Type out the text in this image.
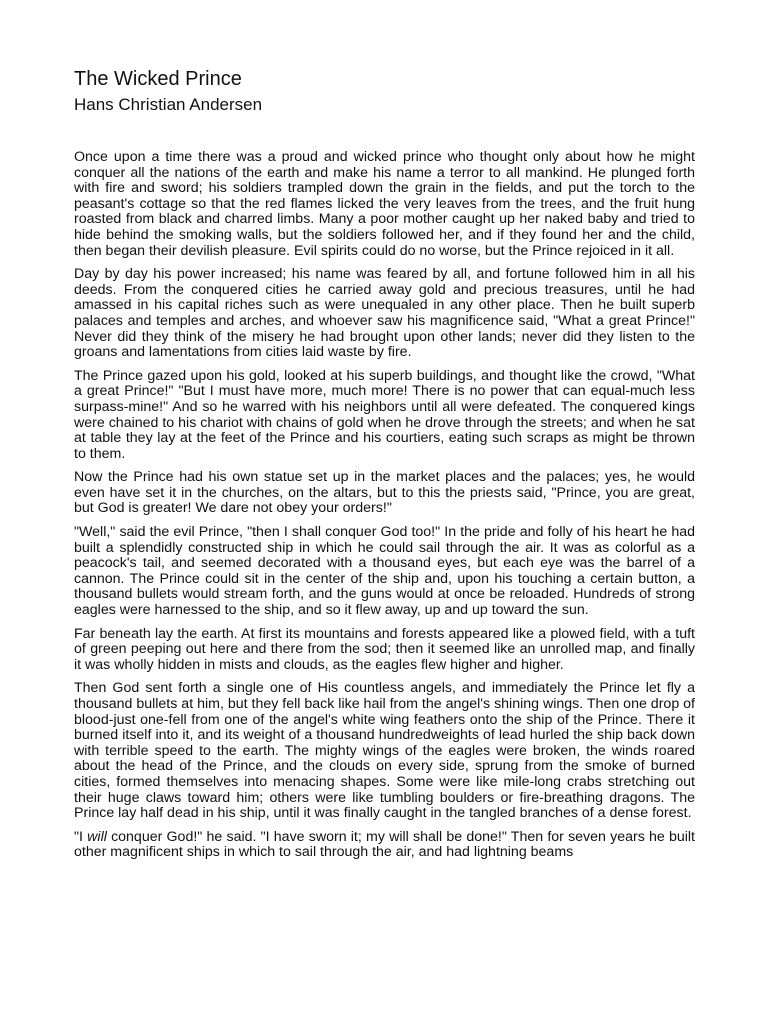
The Wicked Prince
Hans Christian Andersen

Once upon a time there was a proud and wicked prince who thought only about how he might conquer all the nations of the earth and make his name a terror to all mankind. He plunged forth with fire and sword; his soldiers trampled down the grain in the fields, and put the torch to the peasant's cottage so that the red flames licked the very leaves from the trees, and the fruit hung roasted from black and charred limbs. Many a poor mother caught up her naked baby and tried to hide behind the smoking walls, but the soldiers followed her, and if they found her and the child, then began their devilish pleasure. Evil spirits could do no worse, but the Prince rejoiced in it all.

Day by day his power increased; his name was feared by all, and fortune followed him in all his deeds. From the conquered cities he carried away gold and precious treasures, until he had amassed in his capital riches such as were unequaled in any other place. Then he built superb palaces and temples and arches, and whoever saw his magnificence said, "What a great Prince!" Never did they think of the misery he had brought upon other lands; never did they listen to the groans and lamentations from cities laid waste by fire.

The Prince gazed upon his gold, looked at his superb buildings, and thought like the crowd, "What a great Prince!" "But I must have more, much more! There is no power that can equal-much less surpass-mine!" And so he warred with his neighbors until all were defeated. The conquered kings were chained to his chariot with chains of gold when he drove through the streets; and when he sat at table they lay at the feet of the Prince and his courtiers, eating such scraps as might be thrown to them.

Now the Prince had his own statue set up in the market places and the palaces; yes, he would even have set it in the churches, on the altars, but to this the priests said, "Prince, you are great, but God is greater! We dare not obey your orders!"

"Well," said the evil Prince, "then I shall conquer God too!" In the pride and folly of his heart he had built a splendidly constructed ship in which he could sail through the air. It was as colorful as a peacock's tail, and seemed decorated with a thousand eyes, but each eye was the barrel of a cannon. The Prince could sit in the center of the ship and, upon his touching a certain button, a thousand bullets would stream forth, and the guns would at once be reloaded. Hundreds of strong eagles were harnessed to the ship, and so it flew away, up and up toward the sun.

Far beneath lay the earth. At first its mountains and forests appeared like a plowed field, with a tuft of green peeping out here and there from the sod; then it seemed like an unrolled map, and finally it was wholly hidden in mists and clouds, as the eagles flew higher and higher.

Then God sent forth a single one of His countless angels, and immediately the Prince let fly a thousand bullets at him, but they fell back like hail from the angel's shining wings. Then one drop of blood-just one-fell from one of the angel's white wing feathers onto the ship of the Prince. There it burned itself into it, and its weight of a thousand hundredweights of lead hurled the ship back down with terrible speed to the earth. The mighty wings of the eagles were broken, the winds roared about the head of the Prince, and the clouds on every side, sprung from the smoke of burned cities, formed themselves into menacing shapes. Some were like mile-long crabs stretching out their huge claws toward him; others were like tumbling boulders or fire-breathing dragons. The Prince lay half dead in his ship, until it was finally caught in the tangled branches of a dense forest.

"I will conquer God!" he said. "I have sworn it; my will shall be done!" Then for seven years he built other magnificent ships in which to sail through the air, and had lightning beams
